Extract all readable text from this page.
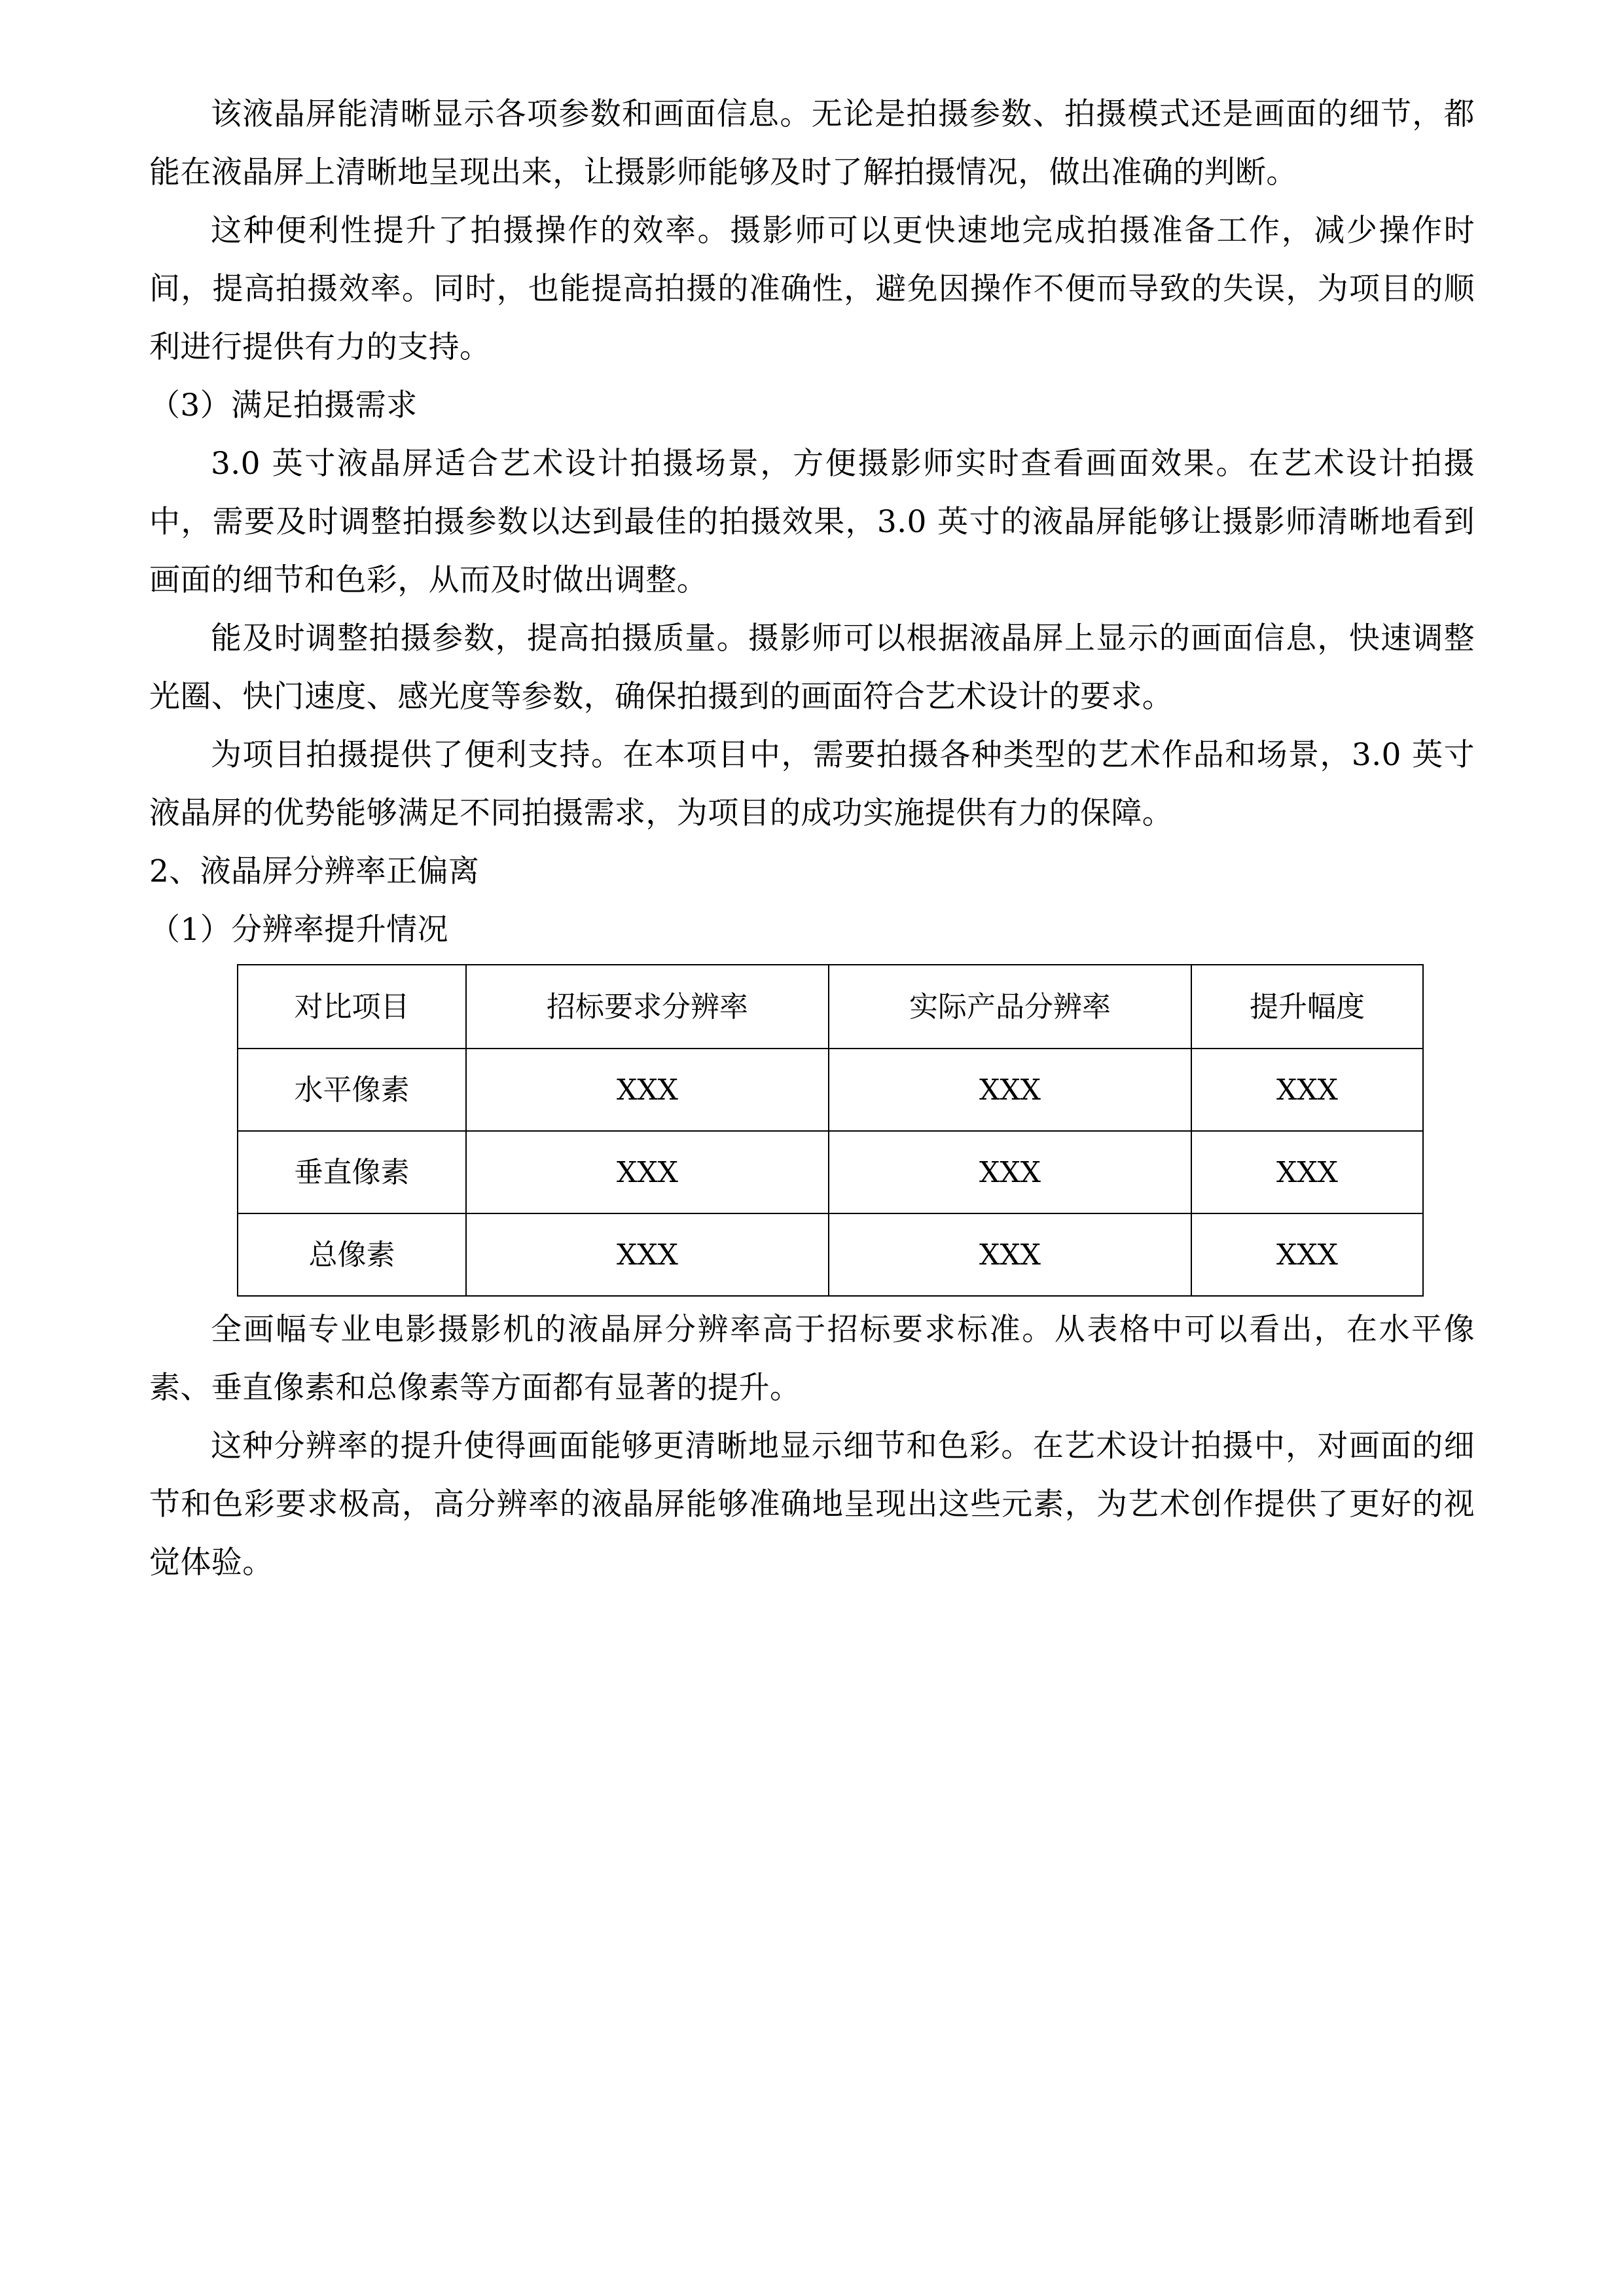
该液晶屏能清晰显示各项参数和画面信息。无论是拍摄参数、拍摄模式还是画面的细节，都能在液晶屏上清晰地呈现出来，让摄影师能够及时了解拍摄情况，做出准确的判断。

这种便利性提升了拍摄操作的效率。摄影师可以更快速地完成拍摄准备工作，减少操作时间，提高拍摄效率。同时，也能提高拍摄的准确性，避免因操作不便而导致的失误，为项目的顺利进行提供有力的支持。

（3）满足拍摄需求

3.0 英寸液晶屏适合艺术设计拍摄场景，方便摄影师实时查看画面效果。在艺术设计拍摄中，需要及时调整拍摄参数以达到最佳的拍摄效果，3.0 英寸的液晶屏能够让摄影师清晰地看到画面的细节和色彩，从而及时做出调整。

能及时调整拍摄参数，提高拍摄质量。摄影师可以根据液晶屏上显示的画面信息，快速调整光圈、快门速度、感光度等参数，确保拍摄到的画面符合艺术设计的要求。

为项目拍摄提供了便利支持。在本项目中，需要拍摄各种类型的艺术作品和场景，3.0 英寸液晶屏的优势能够满足不同拍摄需求，为项目的成功实施提供有力的保障。

2、液晶屏分辨率正偏离

（1）分辨率提升情况

对比项目	招标要求分辨率	实际产品分辨率	提升幅度
水平像素	XXX	XXX	XXX
垂直像素	XXX	XXX	XXX
总像素	XXX	XXX	XXX

全画幅专业电影摄影机的液晶屏分辨率高于招标要求标准。从表格中可以看出，在水平像素、垂直像素和总像素等方面都有显著的提升。

这种分辨率的提升使得画面能够更清晰地显示细节和色彩。在艺术设计拍摄中，对画面的细节和色彩要求极高，高分辨率的液晶屏能够准确地呈现出这些元素，为艺术创作提供了更好的视觉体验。
